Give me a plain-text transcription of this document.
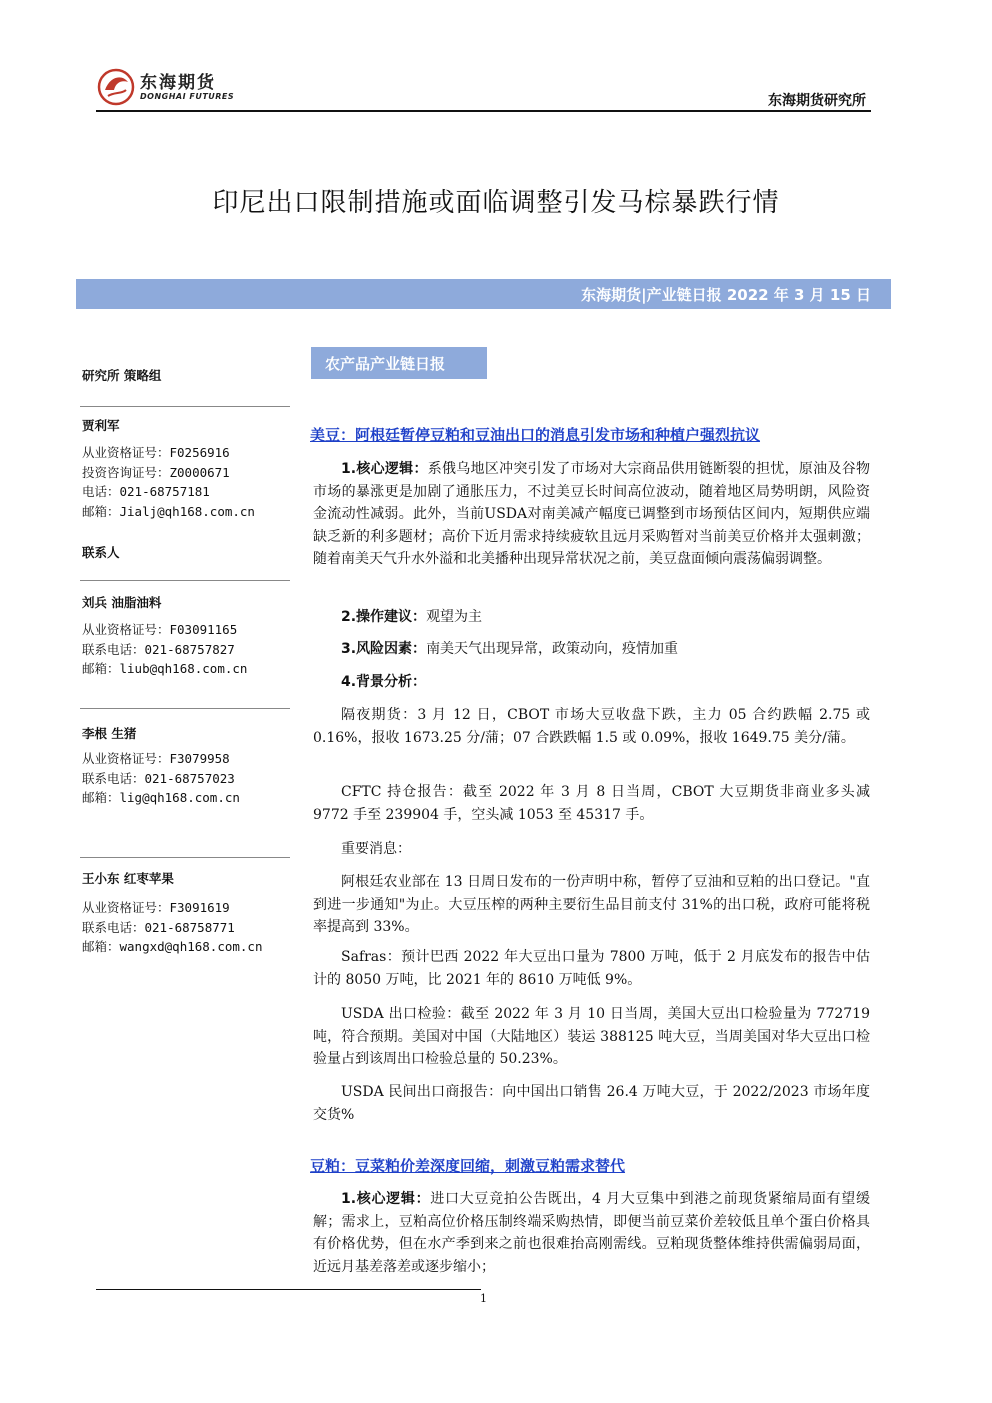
东海期货
DONGHAI FUTURES	东海期货研究所
印尼出口限制措施或面临调整引发马棕暴跌行情
东海期货|产业链日报 2022 年 3 月 15 日
研究所 策略组
贾利军
从业资格证号：F0256916
投资咨询证号：Z0000671
电话：021-68757181
邮箱：Jialj@qh168.com.cn
联系人
刘兵 油脂油料
从业资格证号：F03091165
联系电话：021-68757827
邮箱：liub@qh168.com.cn
李根 生猪
从业资格证号：F3079958
联系电话：021-68757023
邮箱：lig@qh168.com.cn
王小东 红枣苹果
从业资格证号：F3091619
联系电话：021-68758771
邮箱：wangxd@qh168.com.cn
农产品产业链日报
美豆：阿根廷暂停豆粕和豆油出口的消息引发市场和种植户强烈抗议

1.核心逻辑：系俄乌地区冲突引发了市场对大宗商品供用链断裂的担忧，原油及谷物市场的暴涨更是加剧了通胀压力，不过美豆长时间高位波动，随着地区局势明朗，风险资金流动性减弱。此外，当前USDA对南美减产幅度已调整到市场预估区间内，短期供应端缺乏新的利多题材；高价下近月需求持续疲软且远月采购暂对当前美豆价格并太强刺激；随着南美天气升水外溢和北美播种出现异常状况之前，美豆盘面倾向震荡偏弱调整。

2.操作建议：观望为主

3.风险因素：南美天气出现异常，政策动向，疫情加重

4.背景分析：

隔夜期货：3 月 12 日，CBOT 市场大豆收盘下跌，主力 05 合约跌幅 2.75 或 0.16%，报收 1673.25 分/蒲；07 合跌跌幅 1.5 或 0.09%，报收 1649.75 美分/蒲。

CFTC 持仓报告：截至 2022 年 3 月 8 日当周，CBOT 大豆期货非商业多头减 9772 手至 239904 手，空头减 1053 至 45317 手。

重要消息：

阿根廷农业部在 13 日周日发布的一份声明中称，暂停了豆油和豆粕的出口登记。"直到进一步通知"为止。大豆压榨的两种主要衍生品目前支付 31%的出口税，政府可能将税率提高到 33%。

Safras：预计巴西 2022 年大豆出口量为 7800 万吨，低于 2 月底发布的报告中估计的 8050 万吨，比 2021 年的 8610 万吨低 9%。

USDA 出口检验：截至 2022 年 3 月 10 日当周，美国大豆出口检验量为 772719 吨，符合预期。美国对中国（大陆地区）装运 388125 吨大豆，当周美国对华大豆出口检验量占到该周出口检验总量的 50.23%。

USDA 民间出口商报告：向中国出口销售 26.4 万吨大豆，于 2022/2023 市场年度交货%

豆粕：豆菜粕价差深度回缩，刺激豆粕需求替代

1.核心逻辑：进口大豆竞拍公告既出，4 月大豆集中到港之前现货紧缩局面有望缓解；需求上，豆粕高位价格压制终端采购热情，即便当前豆菜价差较低且单个蛋白价格具有价格优势，但在水产季到来之前也很难抬高刚需线。豆粕现货整体维持供需偏弱局面，近远月基差落差或逐步缩小；

1
